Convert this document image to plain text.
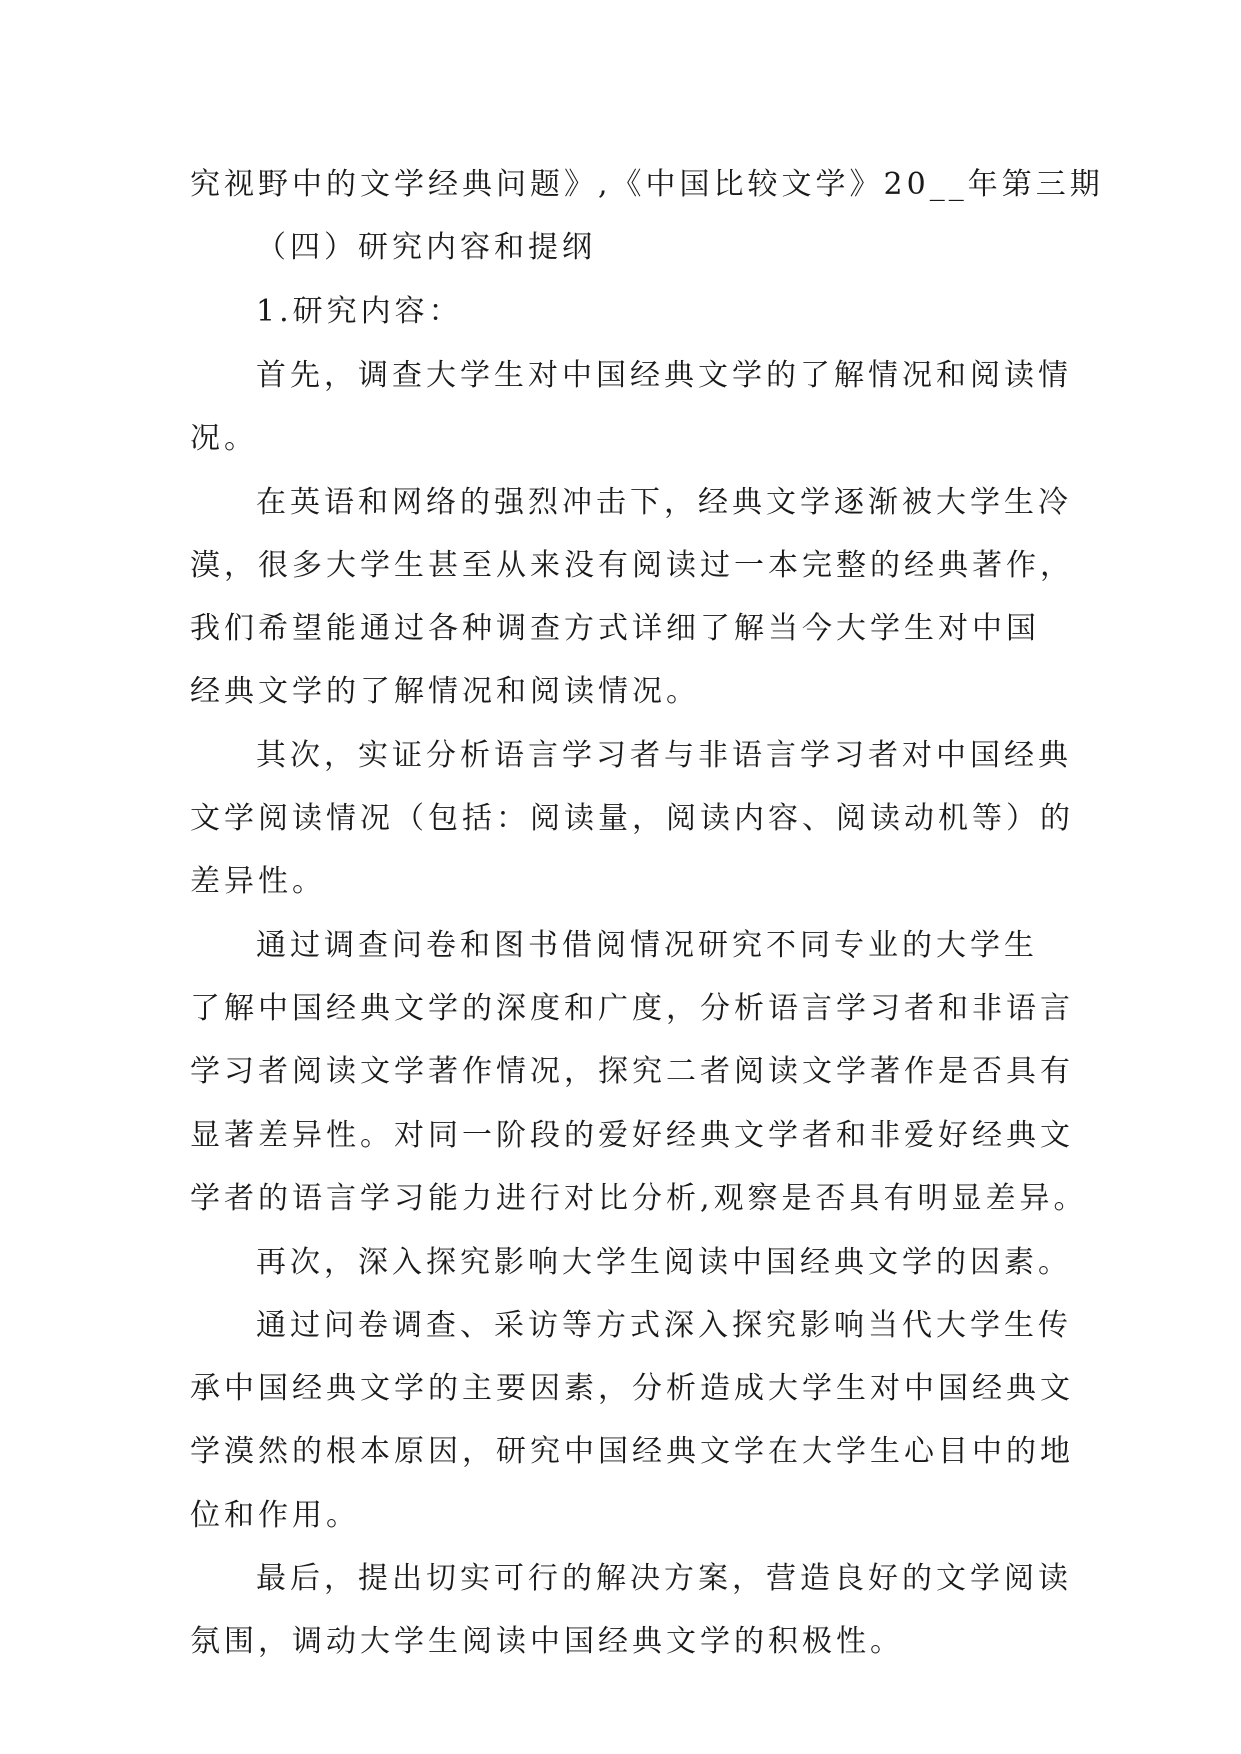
究视野中的文学经典问题》,《中国比较文学》20__年第三期
（四）研究内容和提纲
1.研究内容：
首先，调查大学生对中国经典文学的了解情况和阅读情
况。
在英语和网络的强烈冲击下，经典文学逐渐被大学生冷
漠，很多大学生甚至从来没有阅读过一本完整的经典著作，
我们希望能通过各种调查方式详细了解当今大学生对中国
经典文学的了解情况和阅读情况。
其次，实证分析语言学习者与非语言学习者对中国经典
文学阅读情况（包括：阅读量，阅读内容、阅读动机等）的
差异性。
通过调查问卷和图书借阅情况研究不同专业的大学生
了解中国经典文学的深度和广度，分析语言学习者和非语言
学习者阅读文学著作情况，探究二者阅读文学著作是否具有
显著差异性。对同一阶段的爱好经典文学者和非爱好经典文
学者的语言学习能力进行对比分析,观察是否具有明显差异。
再次，深入探究影响大学生阅读中国经典文学的因素。
通过问卷调查、采访等方式深入探究影响当代大学生传
承中国经典文学的主要因素，分析造成大学生对中国经典文
学漠然的根本原因，研究中国经典文学在大学生心目中的地
位和作用。
最后，提出切实可行的解决方案，营造良好的文学阅读
氛围，调动大学生阅读中国经典文学的积极性。
